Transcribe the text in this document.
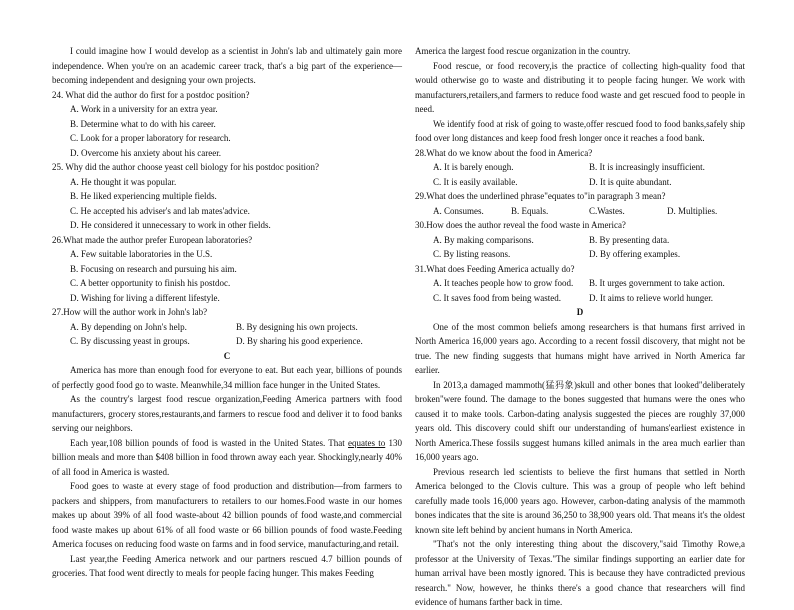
I could imagine how I would develop as a scientist in John's lab and ultimately gain more independence. When you're on an academic career track, that's a big part of the experience—becoming independent and designing your own projects.

24. What did the author do first for a postdoc position?

A. Work in a university for an extra year.

B. Determine what to do with his career.

C. Look for a proper laboratory for research.

D. Overcome his anxiety about his career.

25. Why did the author choose yeast cell biology for his postdoc position?

A. He thought it was popular.

B. He liked experiencing multiple fields.

C. He accepted his adviser's and lab mates'advice.

D. He considered it unnecessary to work in other fields.

26.What made the author prefer European laboratories?

A. Few suitable laboratories in the U.S.

B. Focusing on research and pursuing his aim.

C. A better opportunity to finish his postdoc.

D. Wishing for living a different lifestyle.

27.How will the author work in John's lab?

A. By depending on John's help.	B. By designing his own projects.
C. By discussing yeast in groups.	D. By sharing his good experience.

C

America has more than enough food for everyone to eat. But each year, billions of pounds of perfectly good food go to waste. Meanwhile,34 million face hunger in the United States.

As the country's largest food rescue organization,Feeding America partners with food manufacturers, grocery stores,restaurants,and farmers to rescue food and deliver it to food banks serving our neighbors.

Each year,108 billion pounds of food is wasted in the United States. That equates to 130 billion meals and more than $408 billion in food thrown away each year. Shockingly,nearly 40% of all food in America is wasted.

Food goes to waste at every stage of food production and distribution—from farmers to packers and shippers, from manufacturers to retailers to our homes.Food waste in our homes makes up about 39% of all food waste-about 42 billion pounds of food waste,and commercial food waste makes up about 61% of all food waste or 66 billion pounds of food waste.Feeding America focuses on reducing food waste on farms and in food service, manufacturing,and retail.

Last year,the Feeding America network and our partners rescued 4.7 billion pounds of groceries. That food went directly to meals for people facing hunger. This makes Feeding

America the largest food rescue organization in the country.

Food rescue, or food recovery,is the practice of collecting high-quality food that would otherwise go to waste and distributing it to people facing hunger. We work with manufacturers,retailers,and farmers to reduce food waste and get rescued food to people in need.

We identify food at risk of going to waste,offer rescued food to food banks,safely ship food over long distances and keep food fresh longer once it reaches a food bank.

28.What do we know about the food in America?

A. It is barely enough.	B. It is increasingly insufficient.
C. It is easily available.	D. It is quite abundant.

29.What does the underlined phrase"equates to"in paragraph 3 mean?

A. Consumes.	B. Equals.	C.Wastes.	D. Multiplies.

30.How does the author reveal the food waste in America?

A. By making comparisons.	B. By presenting data.
C. By listing reasons.	D. By offering examples.

31.What does Feeding America actually do?

A. It teaches people how to grow food.	B. It urges government to take action.
C. It saves food from being wasted.	D. It aims to relieve world hunger.

D

One of the most common beliefs among researchers is that humans first arrived in North America 16,000 years ago. According to a recent fossil discovery, that might not be true. The new finding suggests that humans might have arrived in North America far earlier.

In 2013,a damaged mammoth(猛犸象)skull and other bones that looked"deliberately broken"were found. The damage to the bones suggested that humans were the ones who caused it to make tools. Carbon-dating analysis suggested the pieces are roughly 37,000 years old. This discovery could shift our understanding of humans'earliest existence in North America.These fossils suggest humans killed animals in the area much earlier than 16,000 years ago.

Previous research led scientists to believe the first humans that settled in North America belonged to the Clovis culture. This was a group of people who left behind carefully made tools 16,000 years ago. However, carbon-dating analysis of the mammoth bones indicates that the site is around 36,250 to 38,900 years old. That means it's the oldest known site left behind by ancient humans in North America.

"That's not the only interesting thing about the discovery,"said Timothy Rowe,a professor at the University of Texas."The similar findings supporting an earlier date for human arrival have been mostly ignored. This is because they have contradicted previous research." Now, however, he thinks there's a good chance that researchers will find evidence of humans farther back in time.
